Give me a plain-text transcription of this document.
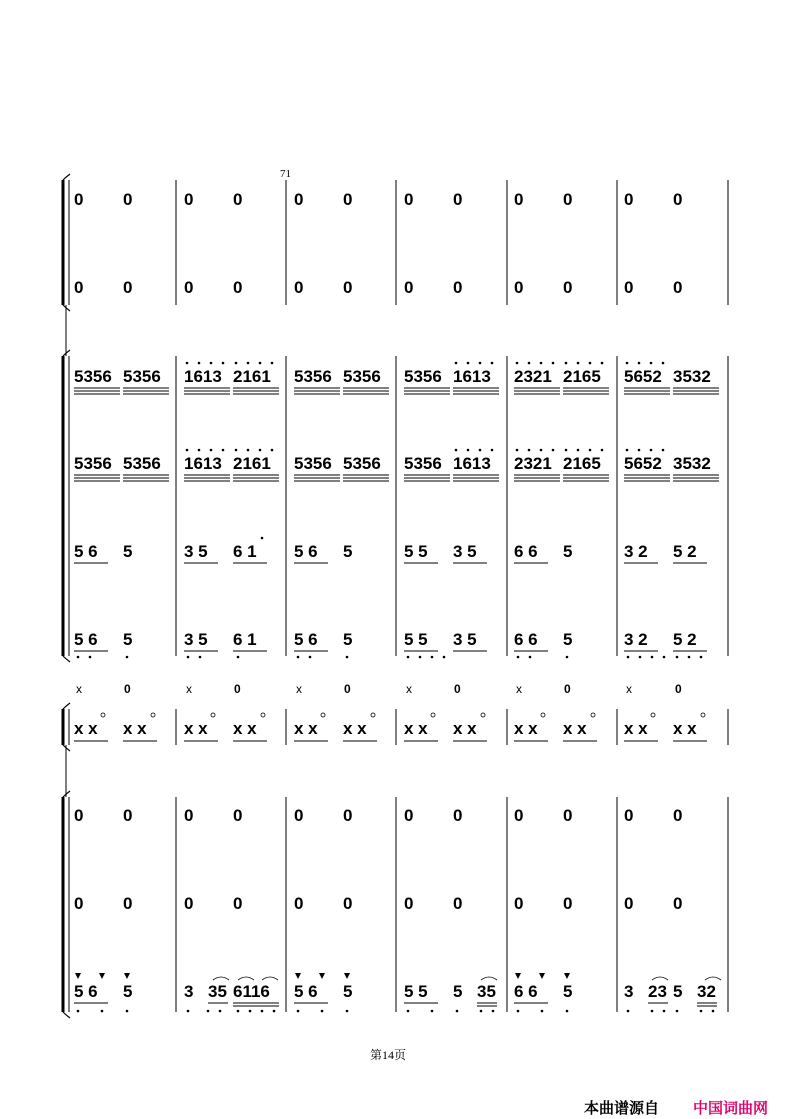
0 0	0 0	0 0	0 0	0 0	0 0
0 0	0 0	0 0	0 0	0 0	0 0
5356 5356 1613 2161 5356 5356 5356 1613 2321 2165 5652 3532
5356 5356 1613 2161 5356 5356 5356 1613 2321 2165 5652 3532
5 6 5	3 5 6 1 5 6 5	5 5 3 5 6 6 5	3 2 5 2
5 6 5	3 5 6 1 5 6 5	5 5 3 5 6 6 5	3 2 5 2
x	0	x	0	x	0	x	0	x	0	x	0
x x x x x x x x x x x x x x x x x x x x x x x x
0 0	0 0	0 0	0 0	0 0	0 0
0 0	0 0	0 0	0 0	0 0	0 0
5 6 5	3 35 6116 5 6 5	5 5 5 35 6 6 5	3 23 5 32
71
第14页
本曲谱源自 中国词曲网
